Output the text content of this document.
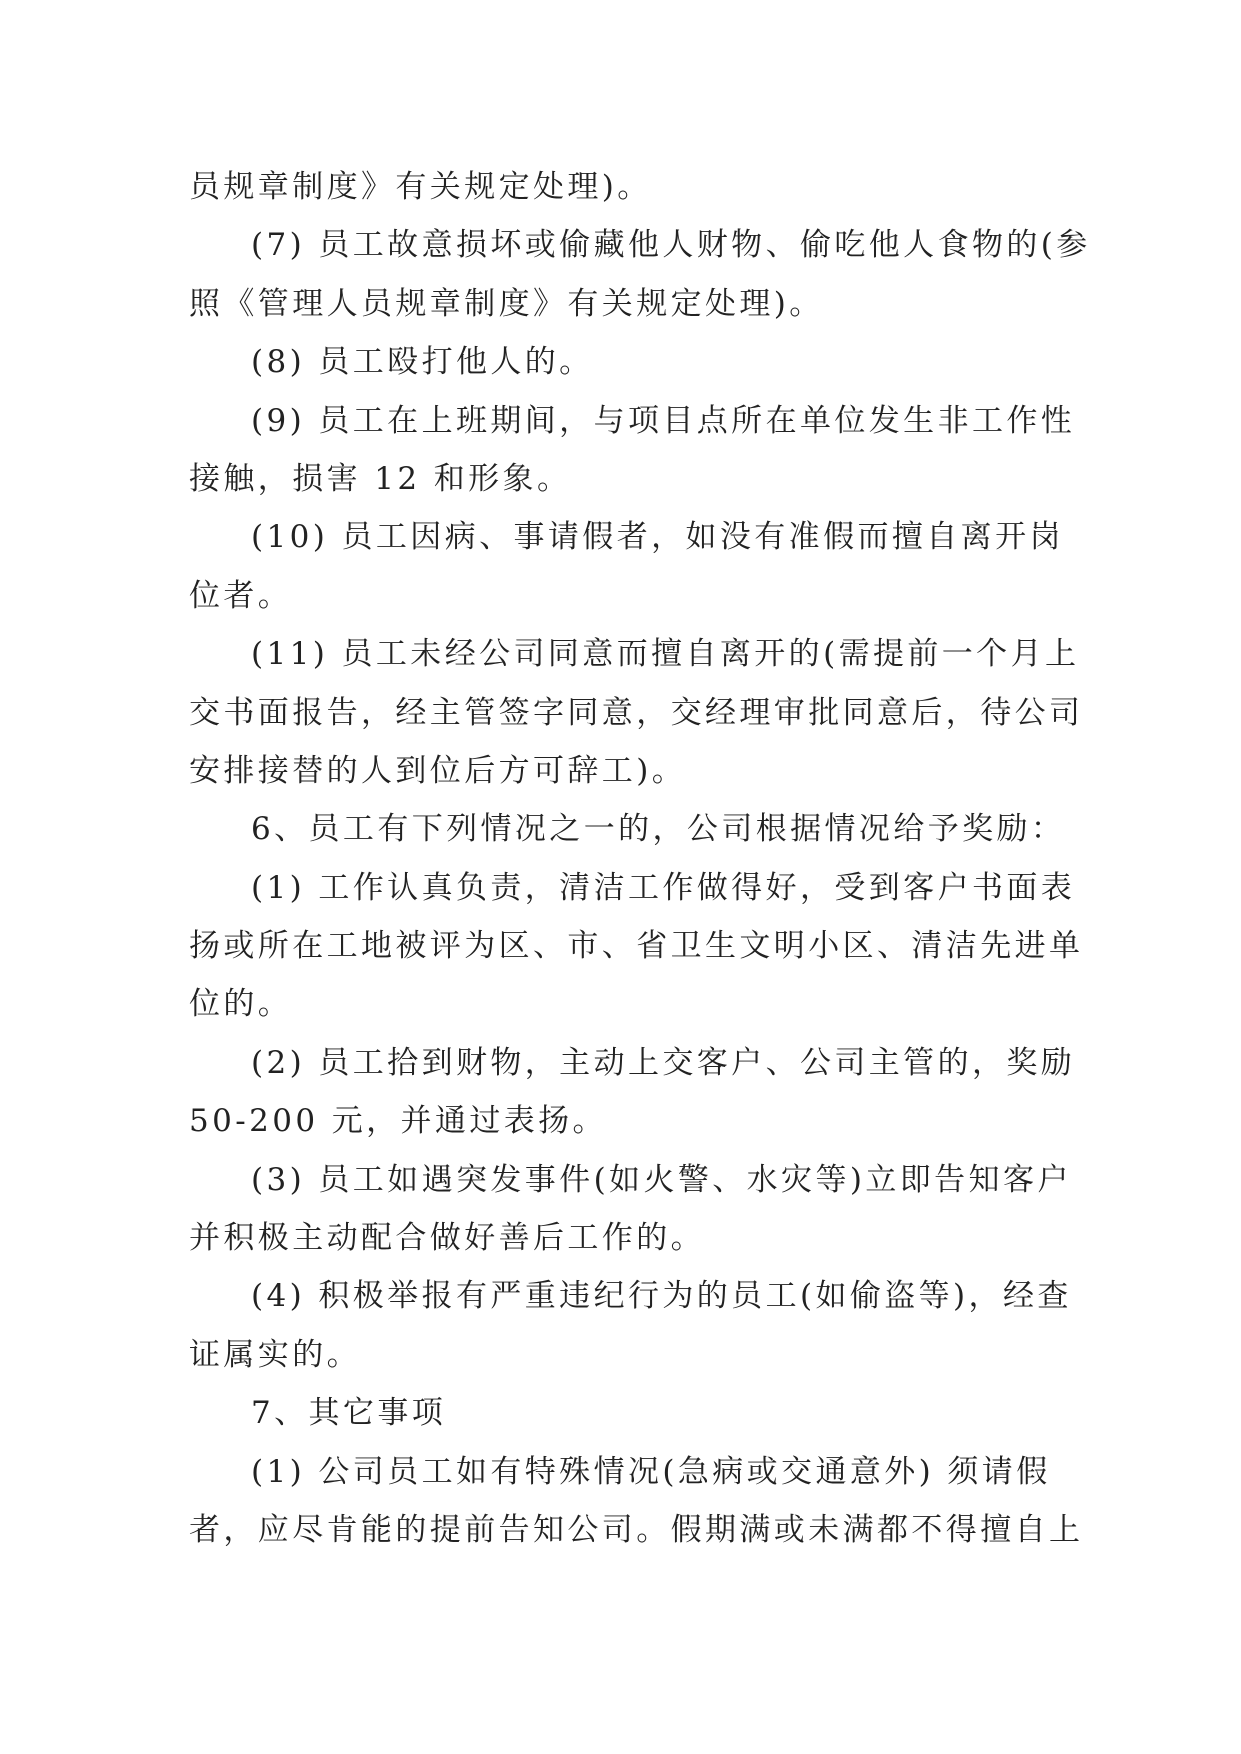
员规章制度》有关规定处理)。
(7) 员工故意损坏或偷藏他人财物、偷吃他人食物的(参
照《管理人员规章制度》有关规定处理)。
(8) 员工殴打他人的。
(9) 员工在上班期间，与项目点所在单位发生非工作性
接触，损害 12 和形象。
(10) 员工因病、事请假者，如没有准假而擅自离开岗
位者。
(11) 员工未经公司同意而擅自离开的(需提前一个月上
交书面报告，经主管签字同意，交经理审批同意后，待公司
安排接替的人到位后方可辞工)。
6、员工有下列情况之一的，公司根据情况给予奖励：
(1) 工作认真负责，清洁工作做得好，受到客户书面表
扬或所在工地被评为区、市、省卫生文明小区、清洁先进单
位的。
(2) 员工拾到财物，主动上交客户、公司主管的，奖励
50-200 元，并通过表扬。
(3) 员工如遇突发事件(如火警、水灾等)立即告知客户
并积极主动配合做好善后工作的。
(4) 积极举报有严重违纪行为的员工(如偷盗等)，经查
证属实的。
7、其它事项
(1) 公司员工如有特殊情况(急病或交通意外) 须请假
者，应尽肯能的提前告知公司。假期满或未满都不得擅自上
